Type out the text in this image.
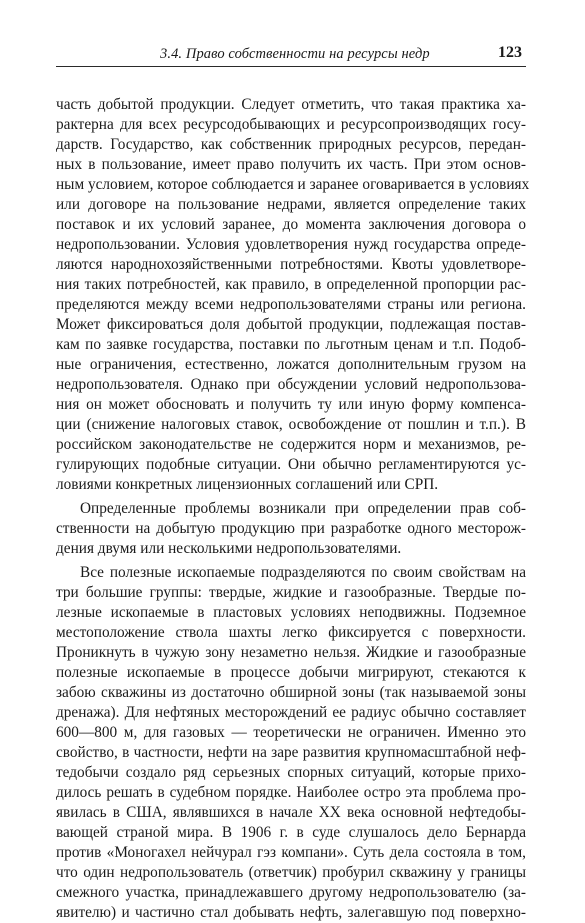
3.4. Право собственности на ресурсы недр	123
часть добытой продукции. Следует отметить, что такая практика ха-
рактерна для всех ресурсодобывающих и ресурсопроизводящих госу-
дарств. Государство, как собственник природных ресурсов, передан-
ных в пользование, имеет право получить их часть. При этом основ-
ным условием, которое соблюдается и заранее оговаривается в условиях
или договоре на пользование недрами, является определение таких
поставок и их условий заранее, до момента заключения договора о
недропользовании. Условия удовлетворения нужд государства опреде-
ляются народнохозяйственными потребностями. Квоты удовлетворе-
ния таких потребностей, как правило, в определенной пропорции рас-
пределяются между всеми недропользователями страны или региона.
Может фиксироваться доля добытой продукции, подлежащая постав-
кам по заявке государства, поставки по льготным ценам и т.п. Подоб-
ные ограничения, естественно, ложатся дополнительным грузом на
недропользователя. Однако при обсуждении условий недропользова-
ния он может обосновать и получить ту или иную форму компенса-
ции (снижение налоговых ставок, освобождение от пошлин и т.п.). В
российском законодательстве не содержится норм и механизмов, ре-
гулирующих подобные ситуации. Они обычно регламентируются ус-
ловиями конкретных лицензионных соглашений или СРП.
Определенные проблемы возникали при определении прав соб-
ственности на добытую продукцию при разработке одного месторож-
дения двумя или несколькими недропользователями.
Все полезные ископаемые подразделяются по своим свойствам на
три большие группы: твердые, жидкие и газообразные. Твердые по-
лезные ископаемые в пластовых условиях неподвижны. Подземное
местоположение ствола шахты легко фиксируется с поверхности.
Проникнуть в чужую зону незаметно нельзя. Жидкие и газообразные
полезные ископаемые в процессе добычи мигрируют, стекаются к
забою скважины из достаточно обширной зоны (так называемой зоны
дренажа). Для нефтяных месторождений ее радиус обычно составляет
600—800 м, для газовых — теоретически не ограничен. Именно это
свойство, в частности, нефти на заре развития крупномасштабной неф-
тедобычи создало ряд серьезных спорных ситуаций, которые прихо-
дилось решать в судебном порядке. Наиболее остро эта проблема про-
явилась в США, являвшихся в начале XX века основной нефтедобы-
вающей страной мира. В 1906 г. в суде слушалось дело Бернарда
против «Моногахел нейчурал гэз компани». Суть дела состояла в том,
что один недропользователь (ответчик) пробурил скважину у границы
смежного участка, принадлежавшего другому недропользователю (за-
явителю) и частично стал добывать нефть, залегавшую под поверхно-
